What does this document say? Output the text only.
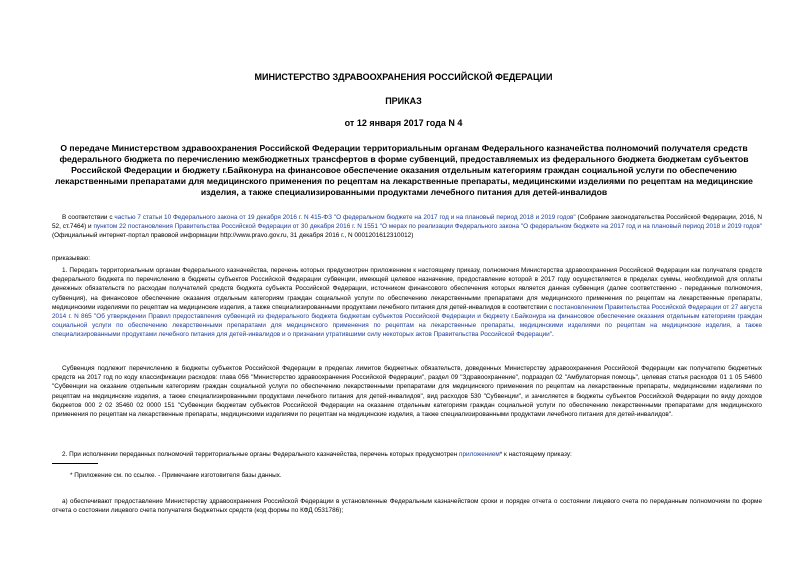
МИНИСТЕРСТВО ЗДРАВООХРАНЕНИЯ РОССИЙСКОЙ ФЕДЕРАЦИИ
ПРИКАЗ
от 12 января 2017 года N 4
О передаче Министерством здравоохранения Российской Федерации территориальным органам Федерального казначейства полномочий получателя средств федерального бюджета по перечислению межбюджетных трансфертов в форме субвенций, предоставляемых из федерального бюджета бюджетам субъектов Российской Федерации и бюджету г.Байконура на финансовое обеспечение оказания отдельным категориям граждан социальной услуги по обеспечению лекарственными препаратами для медицинского применения по рецептам на лекарственные препараты, медицинскими изделиями по рецептам на медицинские изделия, а также специализированными продуктами лечебного питания для детей-инвалидов
В соответствии с частью 7 статьи 10 Федерального закона от 19 декабря 2016 г. N 415-ФЗ "О федеральном бюджете на 2017 год и на плановый период 2018 и 2019 годов" (Собрание законодательства Российской Федерации, 2016, N 52, ст.7464) и пунктом 22 постановления Правительства Российской Федерации от 30 декабря 2016 г. N 1551 "О мерах по реализации Федерального закона "О федеральном бюджете на 2017 год и на плановый период 2018 и 2019 годов" (Официальный интернет-портал правовой информации http://www.pravo.gov.ru, 31 декабря 2016 г., N 0001201612310012)
приказываю:
1. Передать территориальным органам Федерального казначейства, перечень которых предусмотрен приложением к настоящему приказу, полномочия Министерства здравоохранения Российской Федерации как получателя средств федерального бюджета по перечислению в бюджеты субъектов Российской Федерации субвенции, имеющей целевое назначение, предоставление которой в 2017 году осуществляется в пределах суммы, необходимой для оплаты денежных обязательств по расходам получателей средств бюджета субъекта Российской Федерации, источником финансового обеспечения которых является данная субвенция (далее соответственно - переданные полномочия, субвенция), на финансовое обеспечение оказания отдельным категориям граждан социальной услуги по обеспечению лекарственными препаратами для медицинского применения по рецептам на лекарственные препараты, медицинскими изделиями по рецептам на медицинские изделия, а также специализированными продуктами лечебного питания для детей-инвалидов в соответствии с постановлением Правительства Российской Федерации от 27 августа 2014 г. N 865 "Об утверждении Правил предоставления субвенций из федерального бюджета бюджетам субъектов Российской Федерации и бюджету г.Байконура на финансовое обеспечение оказания отдельным категориям граждан социальной услуги по обеспечению лекарственными препаратами для медицинского применения по рецептам на лекарственные препараты, медицинскими изделиями по рецептам на медицинские изделия, а также специализированными продуктами лечебного питания для детей-инвалидов и о признании утратившими силу некоторых актов Правительства Российской Федерации".
Субвенция подлежит перечислению в бюджеты субъектов Российской Федерации в пределах лимитов бюджетных обязательств, доведенных Министерству здравоохранения Российской Федерации как получателю бюджетных средств на 2017 год по коду классификации расходов: глава 056 "Министерство здравоохранения Российской Федерации", раздел 09 "Здравоохранение", подраздел 02 "Амбулаторная помощь", целевая статья расходов 01 1 05 54600 "Субвенции на оказание отдельным категориям граждан социальной услуги по обеспечению лекарственными препаратами для медицинского применения по рецептам на лекарственные препараты, медицинскими изделиями по рецептам на медицинские изделия, а также специализированными продуктами лечебного питания для детей-инвалидов", вид расходов 530 "Субвенции", и зачисляется в бюджеты субъектов Российской Федерации по виду доходов бюджетов 000 2 02 35460 02 0000 151 "Субвенции бюджетам субъектов Российской Федерации на оказание отдельным категориям граждан социальной услуги по обеспечению лекарственными препаратами для медицинского применения по рецептам на лекарственные препараты, медицинскими изделиями по рецептам на медицинские изделия, а также специализированными продуктами лечебного питания для детей-инвалидов".
2. При исполнении переданных полномочий территориальные органы Федерального казначейства, перечень которых предусмотрен приложением* к настоящему приказу:
* Приложение см. по ссылке. - Примечание изготовителя базы данных.
а) обеспечивают предоставление Министерству здравоохранения Российской Федерации в установленные Федеральным казначейством сроки и порядке отчета о состоянии лицевого счета по переданным полномочиям по форме отчета о состоянии лицевого счета получателя бюджетных средств (код формы по КФД 0531786);
